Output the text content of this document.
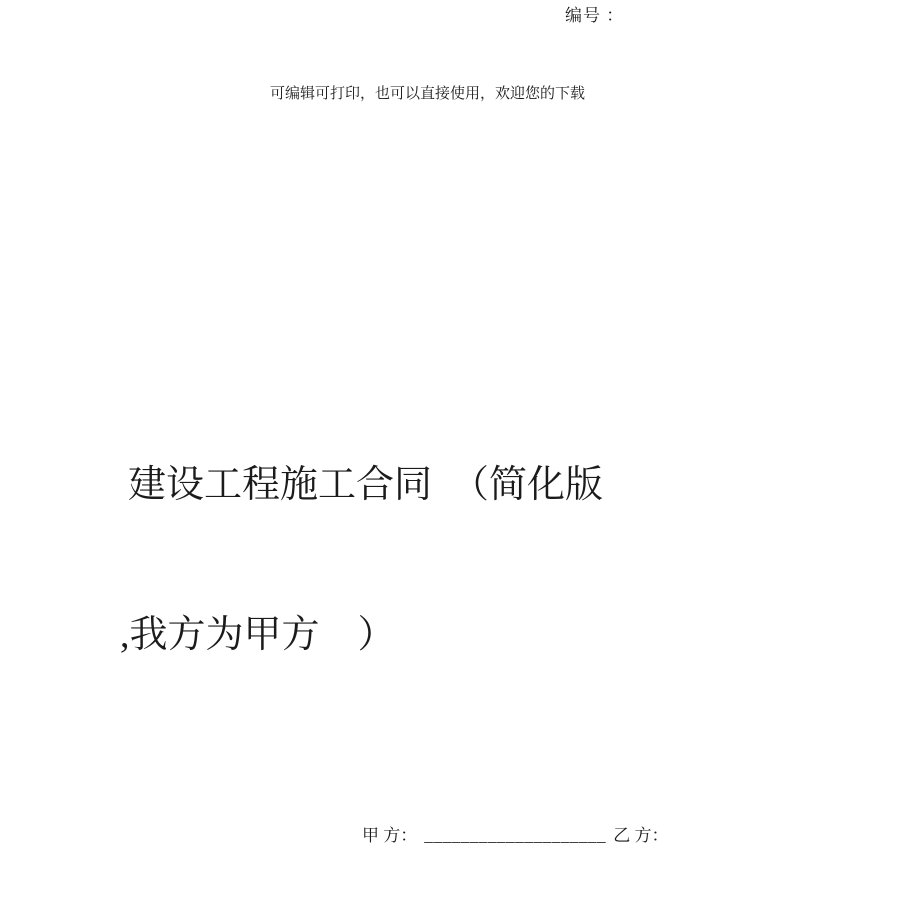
编号 ：
可编辑可打印，也可以直接使用，欢迎您的下载

建设工程施工合同　（简化版

,我方为甲方　）

甲 方： ____________________ 乙 方：
